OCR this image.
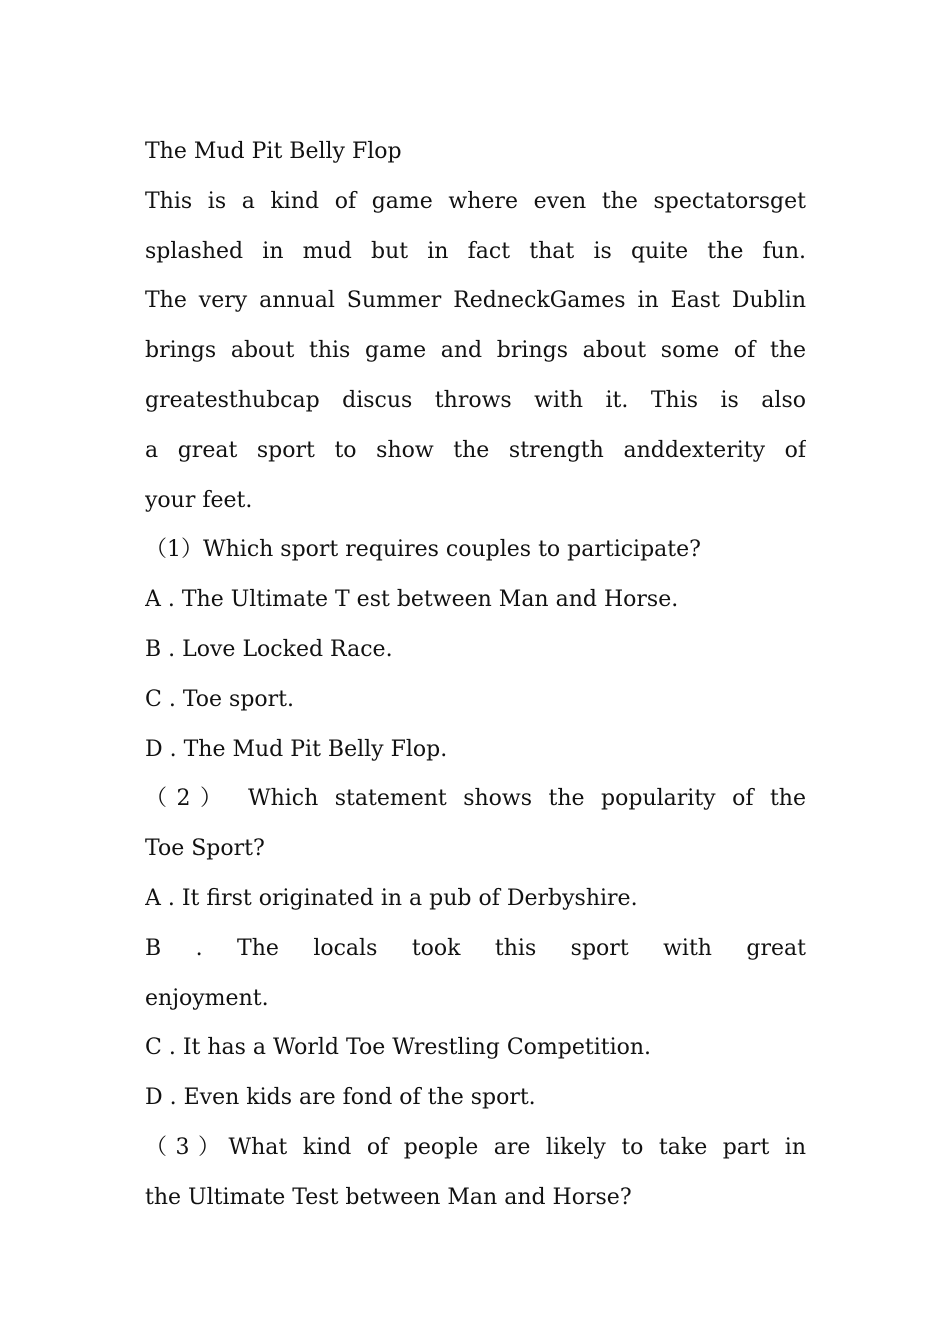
The Mud Pit Belly Flop
This is a kind of game where even the spectatorsget
splashed in mud but in fact that is quite the fun.
The very annual Summer RedneckGames in East Dublin
brings about this game and brings about some of the
greatesthubcap discus throws with it. This is also
a great sport to show the strength anddexterity of
your feet.
（1）Which sport requires couples to participate?
A . The Ultimate T est between Man and Horse.
B . Love Locked Race.
C . Toe sport.
D . The Mud Pit Belly Flop.
（2） Which statement shows the popularity of the
Toe Sport?
A . It first originated in a pub of Derbyshire.
B . The locals took this sport with great
enjoyment.
C . It has a World Toe Wrestling Competition.
D . Even kids are fond of the sport.
（3）What kind of people are likely to take part in
the Ultimate Test between Man and Horse?
